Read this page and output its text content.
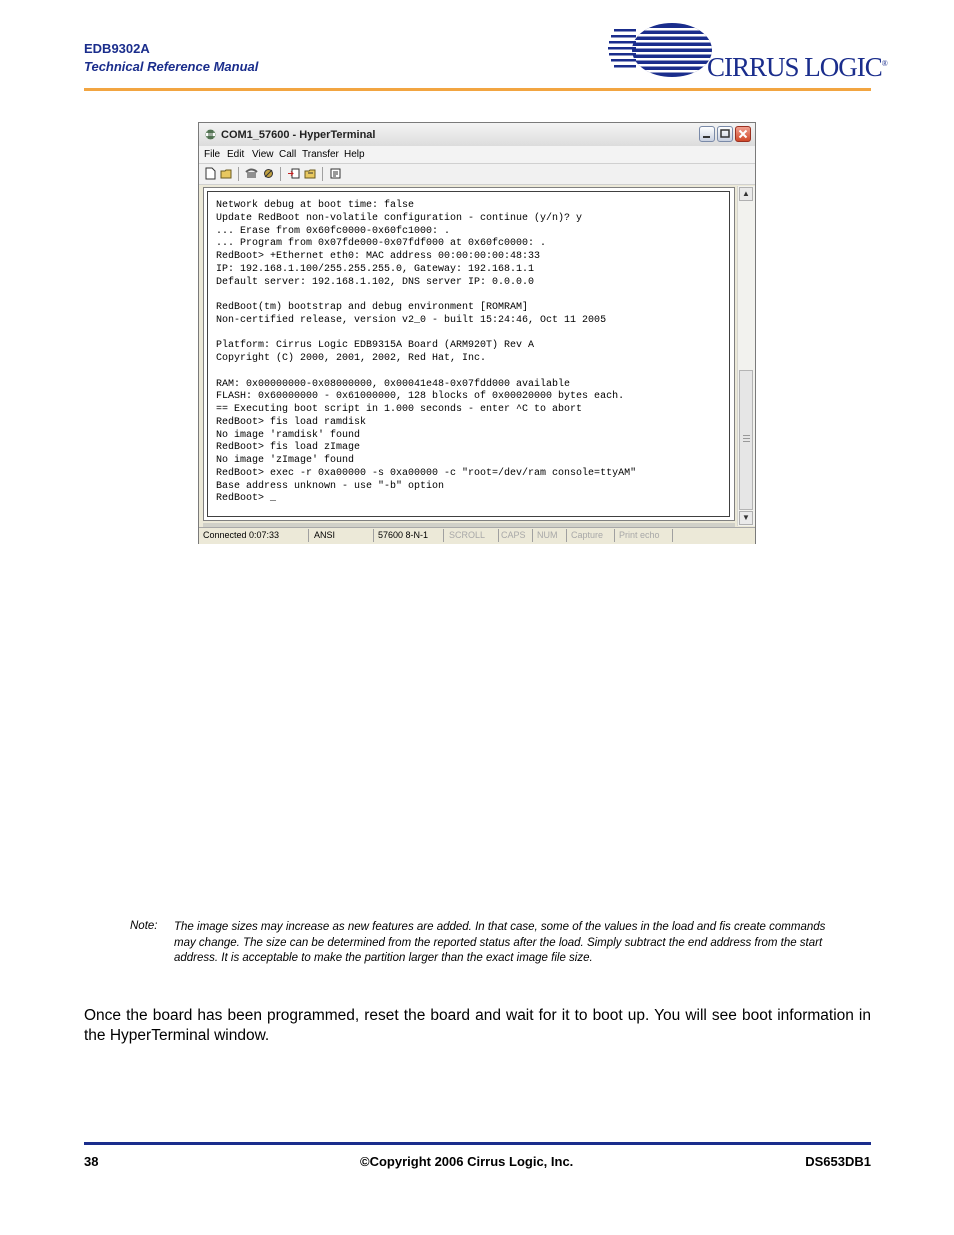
EDB9302A
Technical Reference Manual	CIRRUS LOGIC®
COM1_57600 - HyperTerminal
File Edit View Call Transfer Help
Network debug at boot time: false
Update RedBoot non-volatile configuration - continue (y/n)? y
... Erase from 0x60fc0000-0x60fc1000: .
... Program from 0x07fde000-0x07fdf000 at 0x60fc0000: .
RedBoot> +Ethernet eth0: MAC address 00:00:00:00:48:33
IP: 192.168.1.100/255.255.255.0, Gateway: 192.168.1.1
Default server: 192.168.1.102, DNS server IP: 0.0.0.0
RedBoot(tm) bootstrap and debug environment [ROMRAM]
Non-certified release, version v2_0 - built 15:24:46, Oct 11 2005
Platform: Cirrus Logic EDB9315A Board (ARM920T) Rev A
Copyright (C) 2000, 2001, 2002, Red Hat, Inc.
RAM: 0x00000000-0x08000000, 0x00041e48-0x07fdd000 available
FLASH: 0x60000000 - 0x61000000, 128 blocks of 0x00020000 bytes each.
== Executing boot script in 1.000 seconds - enter ^C to abort
RedBoot> fis load ramdisk
No image 'ramdisk' found
RedBoot> fis load zImage
No image 'zImage' found
RedBoot> exec -r 0xa00000 -s 0xa00000 -c "root=/dev/ram console=ttyAM"
Base address unknown - use "-b" option
RedBoot> _
▲
▼
Connected 0:07:33	ANSI	57600 8-N-1	SCROLL	CAPS	NUM	Capture	Print echo
Note: The image sizes may increase as new features are added. In that case, some of the values in the load and fis create commands may change. The size can be determined from the reported status after the load. Simply subtract the end address from the start address. It is acceptable to make the partition larger than the exact image file size.
Once the board has been programmed, reset the board and wait for it to boot up. You will see boot information in the HyperTerminal window.
38	©Copyright 2006 Cirrus Logic, Inc.	DS653DB1
